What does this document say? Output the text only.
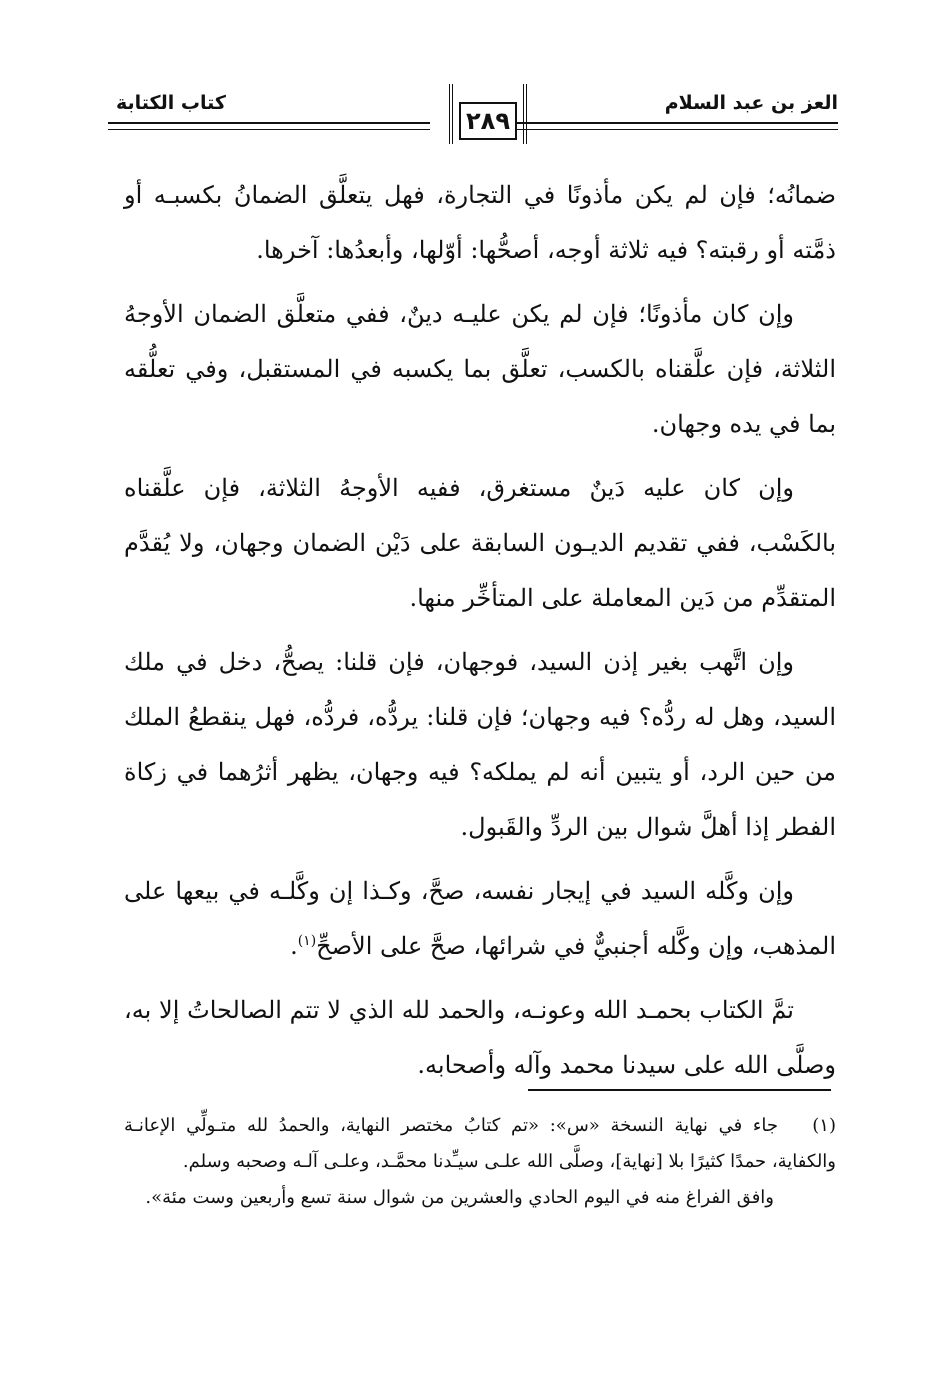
العز بن عبد السلام
كتاب الكتابة
٢٨٩

ضمانُه؛ فإن لم يكن مأذونًا في التجارة، فهل يتعلَّق الضمانُ بكسبـه أو ذمَّته أو رقبته؟ فيه ثلاثة أوجه، أصحُّها: أوّلها، وأبعدُها: آخرها.

وإن كان مأذونًا؛ فإن لم يكن عليـه دينٌ، ففي متعلَّق الضمان الأوجهُ الثلاثة، فإن علَّقناه بالكسب، تعلَّق بما يكسبه في المستقبل، وفي تعلُّقه بما في يده وجهان.

وإن كان عليه دَينٌ مستغرق، ففيه الأوجهُ الثلاثة، فإن علَّقناه بالكَسْب، ففي تقديم الديـون السابقة على دَيْن الضمان وجهان، ولا يُقدَّم المتقدِّم من دَين المعاملة على المتأخِّر منها.

وإن اتَّهب بغير إذن السيد، فوجهان، فإن قلنا: يصحُّ، دخل في ملك السيد، وهل له ردُّه؟ فيه وجهان؛ فإن قلنا: يردُّه، فردُّه، فهل ينقطعُ الملك من حين الرد، أو يتبين أنه لم يملكه؟ فيه وجهان، يظهر أثرُهما في زكاة الفطر إذا أهلَّ شوال بين الردِّ والقَبول.

وإن وكَّله السيد في إيجار نفسه، صحَّ، وكـذا إن وكَّلـه في بيعها على المذهب، وإن وكَّله أجنبيٌّ في شرائها، صحَّ على الأصحِّ$^{(١)}$.

تمَّ الكتاب بحمـد الله وعونـه، والحمد لله الذي لا تتم الصالحاتُ إلا به، وصلَّى الله على سيدنا محمد وآله وأصحابه.

(١)جاء في نهاية النسخة «س»: «تم كتابُ مختصر النهاية، والحمدُ لله متـولِّي الإعانـة والكفاية، حمدًا كثيرًا بلا [نهاية]، وصلَّى الله علـى سيـِّدنا محمَّـد، وعلـى آلـه وصحبه وسلم.

وافق الفراغ منه في اليوم الحادي والعشرين من شوال سنة تسع وأربعين وست مئة».
